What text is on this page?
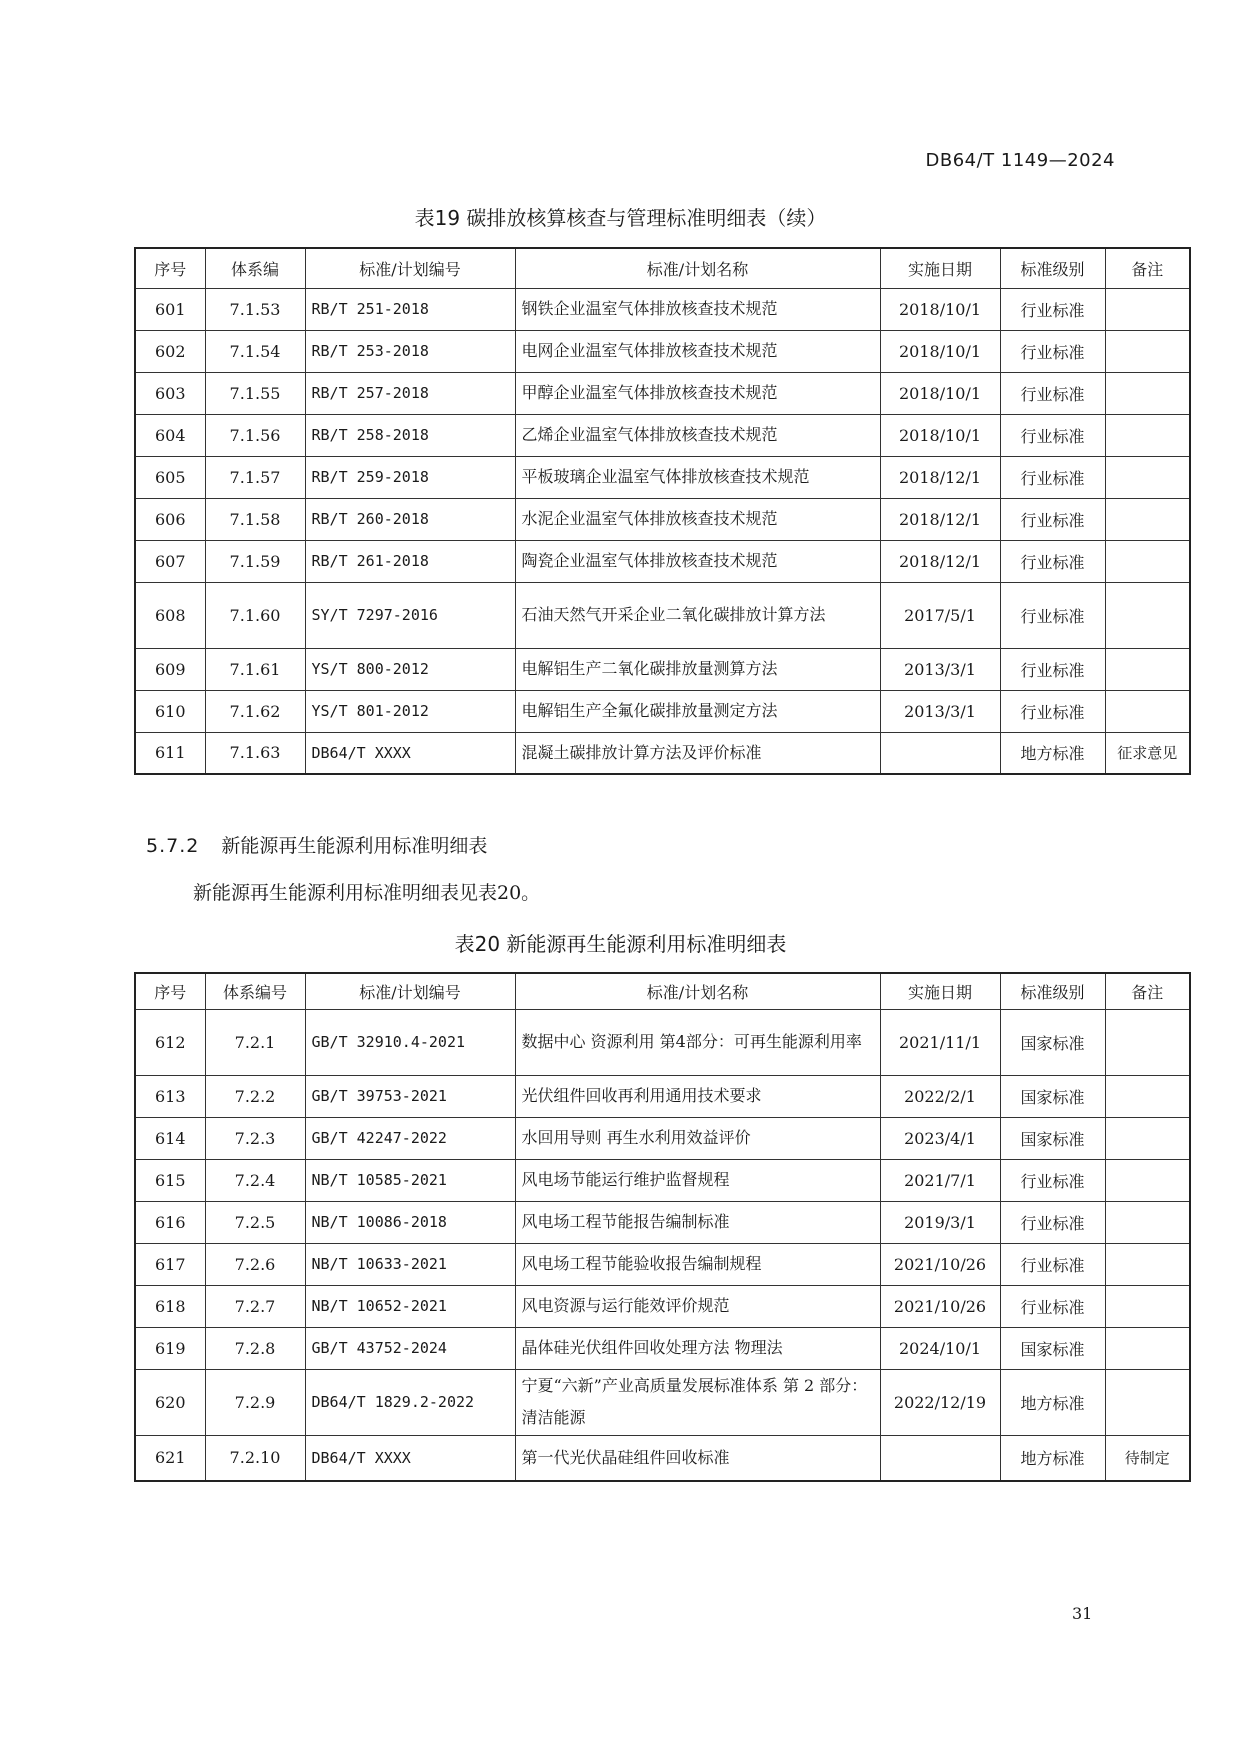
DB64/T 1149—2024
表19 碳排放核算核查与管理标准明细表（续）
序号	体系编	标准/计划编号	标准/计划名称	实施日期	标准级别	备注
601	7.1.53	RB/T 251-2018	钢铁企业温室气体排放核查技术规范	2018/10/1	行业标准	
602	7.1.54	RB/T 253-2018	电网企业温室气体排放核查技术规范	2018/10/1	行业标准	
603	7.1.55	RB/T 257-2018	甲醇企业温室气体排放核查技术规范	2018/10/1	行业标准	
604	7.1.56	RB/T 258-2018	乙烯企业温室气体排放核查技术规范	2018/10/1	行业标准	
605	7.1.57	RB/T 259-2018	平板玻璃企业温室气体排放核查技术规范	2018/12/1	行业标准	
606	7.1.58	RB/T 260-2018	水泥企业温室气体排放核查技术规范	2018/12/1	行业标准	
607	7.1.59	RB/T 261-2018	陶瓷企业温室气体排放核查技术规范	2018/12/1	行业标准	
608	7.1.60	SY/T 7297-2016	石油天然气开采企业二氧化碳排放计算方法	2017/5/1	行业标准	
609	7.1.61	YS/T 800-2012	电解铝生产二氧化碳排放量测算方法	2013/3/1	行业标准	
610	7.1.62	YS/T 801-2012	电解铝生产全氟化碳排放量测定方法	2013/3/1	行业标准	
611	7.1.63	DB64/T XXXX	混凝土碳排放计算方法及评价标准		地方标准	征求意见
5.7.2 新能源再生能源利用标准明细表
新能源再生能源利用标准明细表见表20。
表20 新能源再生能源利用标准明细表
序号	体系编号	标准/计划编号	标准/计划名称	实施日期	标准级别	备注
612	7.2.1	GB/T 32910.4-2021	数据中心 资源利用 第4部分：可再生能源利用率	2021/11/1	国家标准	
613	7.2.2	GB/T 39753-2021	光伏组件回收再利用通用技术要求	2022/2/1	国家标准	
614	7.2.3	GB/T 42247-2022	水回用导则 再生水利用效益评价	2023/4/1	国家标准	
615	7.2.4	NB/T 10585-2021	风电场节能运行维护监督规程	2021/7/1	行业标准	
616	7.2.5	NB/T 10086-2018	风电场工程节能报告编制标准	2019/3/1	行业标准	
617	7.2.6	NB/T 10633-2021	风电场工程节能验收报告编制规程	2021/10/26	行业标准	
618	7.2.7	NB/T 10652-2021	风电资源与运行能效评价规范	2021/10/26	行业标准	
619	7.2.8	GB/T 43752-2024	晶体硅光伏组件回收处理方法 物理法	2024/10/1	国家标准	
620	7.2.9	DB64/T 1829.2-2022	宁夏“六新”产业高质量发展标准体系 第 2 部分：清洁能源	2022/12/19	地方标准	
621	7.2.10	DB64/T XXXX	第一代光伏晶硅组件回收标准		地方标准	待制定
31
